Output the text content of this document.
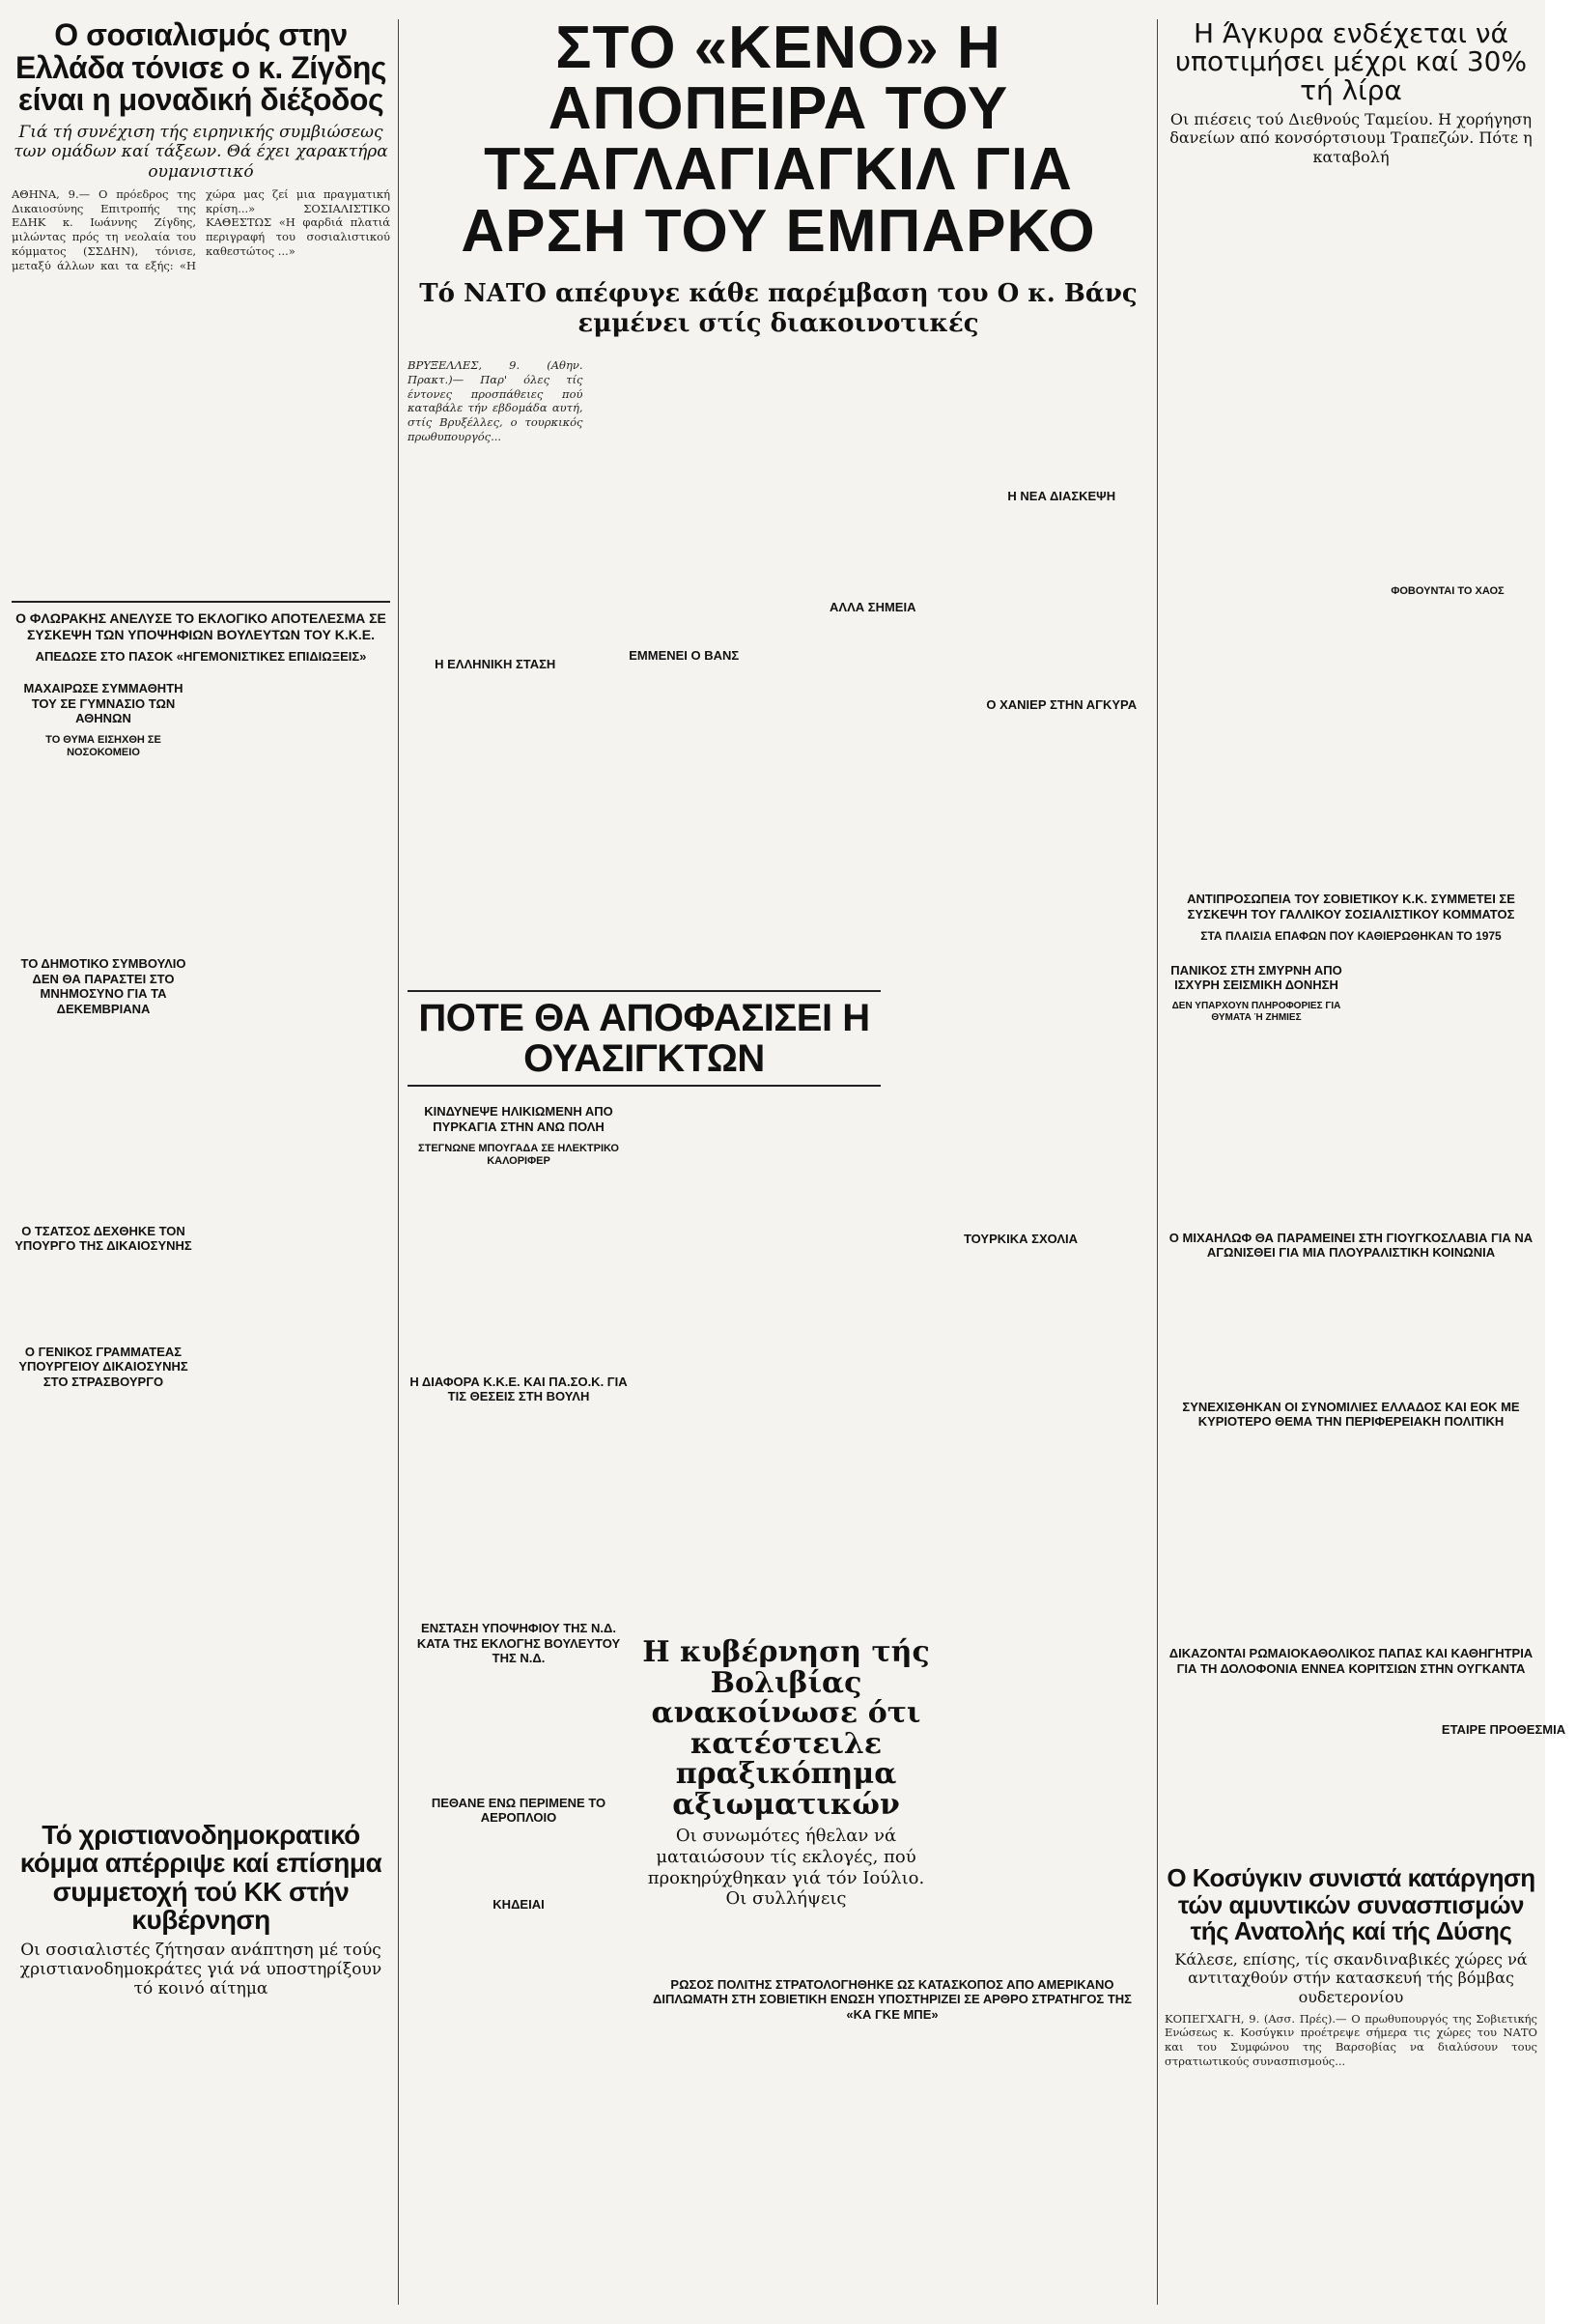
Ο σοσιαλισμός στην Ελλάδα τόνισε ο κ. Ζίγδης είναι η μοναδική διέξοδος

Γιά τή συνέχιση τής ειρηνικής συμβιώσεως των ομάδων καί τάξεων. Θά έχει χαρακτήρα ουμανιστικό

ΑΘΗΝΑ, 9.— Ο πρόεδρος της Δικαιοσύνης Επιτροπής της ΕΔΗΚ κ. Ιωάννης Ζίγδης, μιλώντας πρός τη νεολαία του κόμματος (ΣΣΔΗΝ), τόνισε, μεταξύ άλλων και τα εξής: «Η χώρα μας ζεί μια πραγματική κρίση...» ΣΟΣΙΑΛΙΣΤΙΚΟ ΚΑΘΕΣΤΩΣ «Η φαρδιά πλατιά περιγραφή του σοσιαλιστικού καθεστώτος ...»

Ο ΦΛΩΡΑΚΗΣ ΑΝΕΛΥΣΕ ΤΟ ΕΚΛΟΓΙΚΟ ΑΠΟΤΕΛΕΣΜΑ ΣΕ ΣΥΣΚΕΨΗ ΤΩΝ ΥΠΟΨΗΦΙΩΝ ΒΟΥΛΕΥΤΩΝ ΤΟΥ Κ.Κ.Ε.
ΑΠΕΔΩΣΕ ΣΤΟ ΠΑΣΟΚ «ΗΓΕΜΟΝΙΣΤΙΚΕΣ ΕΠΙΔΙΩΞΕΙΣ»
ΜΑΧΑΙΡΩΣΕ ΣΥΜΜΑΘΗΤΗ ΤΟΥ ΣΕ ΓΥΜΝΑΣΙΟ ΤΩΝ ΑΘΗΝΩΝ
ΤΟ ΘΥΜΑ ΕΙΣΗΧΘΗ ΣΕ ΝΟΣΟΚΟΜΕΙΟ
ΤΟ ΔΗΜΟΤΙΚΟ ΣΥΜΒΟΥΛΙΟ ΔΕΝ ΘΑ ΠΑΡΑΣΤΕΙ ΣΤΟ ΜΝΗΜΟΣΥΝΟ ΓΙΑ ΤΑ ΔΕΚΕΜΒΡΙΑΝΑ
Ο ΤΣΑΤΣΟΣ ΔΕΧΘΗΚΕ ΤΟΝ ΥΠΟΥΡΓΟ ΤΗΣ ΔΙΚΑΙΟΣΥΝΗΣ
Ο ΓΕΝΙΚΟΣ ΓΡΑΜΜΑΤΕΑΣ ΥΠΟΥΡΓΕΙΟΥ ΔΙΚΑΙΟΣΥΝΗΣ ΣΤΟ ΣΤΡΑΣΒΟΥΡΓΟ
Τό χριστιανοδημοκρατικό κόμμα απέρριψε καί επίσημα συμμετοχή τού ΚΚ στήν κυβέρνηση

Οι σοσιαλιστές ζήτησαν ανάπτηση μέ τούς χριστιανοδημοκράτες γιά νά υποστηρίξουν τό κοινό αίτημα

ΣΤΟ «ΚΕΝΟ» Η ΑΠΟΠΕΙΡΑ ΤΟΥ ΤΣΑΓΛΑΓΙΑΓΚΙΛ ΓΙΑ ΑΡΣΗ ΤΟΥ ΕΜΠΑΡΚΟ

Τό ΝΑΤΟ απέφυγε κάθε παρέμβαση του Ο κ. Βάνς εμμένει στίς διακοινοτικές

ΒΡΥΞΕΛΛΕΣ, 9. (Αθην. Πρακτ.)— Παρ' όλες τίς έντονες προσπάθειες πού καταβάλε τήν εβδομάδα αυτή, στίς Βρυξέλλες, ο τουρκικός πρωθυπουργός...

Η ΕΛΛΗΝΙΚΗ ΣΤΑΣΗ
ΕΜΜΕΝΕΙ Ο ΒΑΝΣ
ΑΛΛΑ ΣΗΜΕΙΑ
Η ΝΕΑ ΔΙΑΣΚΕΨΗ
Ο ΧΑΝΙΕΡ ΣΤΗΝ ΑΓΚΥΡΑ
ΠΟΤΕ ΘΑ ΑΠΟΦΑΣΙΣΕΙ Η ΟΥΑΣΙΓΚΤΩΝ
ΚΙΝΔΥΝΕΨΕ ΗΛΙΚΙΩΜΕΝΗ ΑΠΟ ΠΥΡΚΑΓΙΑ ΣΤΗΝ ΑΝΩ ΠΟΛΗ
ΣΤΕΓΝΩΝΕ ΜΠΟΥΓΑΔΑ ΣΕ ΗΛΕΚΤΡΙΚΟ ΚΑΛΟΡΙΦΕΡ
Η ΔΙΑΦΟΡΑ Κ.Κ.Ε. ΚΑΙ ΠΑ.ΣΟ.Κ. ΓΙΑ ΤΙΣ ΘΕΣΕΙΣ ΣΤΗ ΒΟΥΛΗ
ΕΝΣΤΑΣΗ ΥΠΟΨΗΦΙΟΥ ΤΗΣ Ν.Δ. ΚΑΤΑ ΤΗΣ ΕΚΛΟΓΗΣ ΒΟΥΛΕΥΤΟΥ ΤΗΣ Ν.Δ.
ΠΕΘΑΝΕ ΕΝΩ ΠΕΡΙΜΕΝΕ ΤΟ ΑΕΡΟΠΛΟΙΟ
ΚΗΔΕΙΑΙ
ΤΟΥΡΚΙΚΑ ΣΧΟΛΙΑ
Η κυβέρνηση τής Βολιβίας ανακοίνωσε ότι κατέστειλε πραξικόπημα αξιωματικών

Οι συνωμότες ήθελαν νά ματαιώσουν τίς εκλογές, πού προκηρύχθηκαν γιά τόν Ιούλιο. Οι συλλήψεις

ΕΤΑΙΡΕ ΠΡΟΘΕΣΜΙΑ
ΡΩΣΟΣ ΠΟΛΙΤΗΣ ΣΤΡΑΤΟΛΟΓΗΘΗΚΕ ΩΣ ΚΑΤΑΣΚΟΠΟΣ ΑΠΟ ΑΜΕΡΙΚΑΝΟ ΔΙΠΛΩΜΑΤΗ ΣΤΗ ΣΟΒΙΕΤΙΚΗ ΕΝΩΣΗ ΥΠΟΣΤΗΡΙΖΕΙ ΣΕ ΑΡΘΡΟ ΣΤΡΑΤΗΓΟΣ ΤΗΣ «ΚΑ ΓΚΕ ΜΠΕ»
Η Άγκυρα ενδέχεται νά υποτιμήσει μέχρι καί 30% τή λίρα

Οι πιέσεις τού Διεθνούς Ταμείου. Η χορήγηση δανείων από κονσόρτσιουμ Τραπεζών. Πότε η καταβολή

ΦΟΒΟΥΝΤΑΙ ΤΟ ΧΑΟΣ
ΑΝΤΙΠΡΟΣΩΠΕΙΑ ΤΟΥ ΣΟΒΙΕΤΙΚΟΥ Κ.Κ. ΣΥΜΜΕΤΕΙ ΣΕ ΣΥΣΚΕΨΗ ΤΟΥ ΓΑΛΛΙΚΟΥ ΣΟΣΙΑΛΙΣΤΙΚΟΥ ΚΟΜΜΑΤΟΣ
ΣΤΑ ΠΛΑΙΣΙΑ ΕΠΑΦΩΝ ΠΟΥ ΚΑΘΙΕΡΩΘΗΚΑΝ ΤΟ 1975
ΠΑΝΙΚΟΣ ΣΤΗ ΣΜΥΡΝΗ ΑΠΟ ΙΣΧΥΡΗ ΣΕΙΣΜΙΚΗ ΔΟΝΗΣΗ
ΔΕΝ ΥΠΑΡΧΟΥΝ ΠΛΗΡΟΦΟΡΙΕΣ ΓΙΑ ΘΥΜΑΤΑ Ή ΖΗΜΙΕΣ
Ο ΜΙΧΑΗΛΩΦ ΘΑ ΠΑΡΑΜΕΙΝΕΙ ΣΤΗ ΓΙΟΥΓΚΟΣΛΑΒΙΑ ΓΙΑ ΝΑ ΑΓΩΝΙΣΘΕΙ ΓΙΑ ΜΙΑ ΠΛΟΥΡΑΛΙΣΤΙΚΗ ΚΟΙΝΩΝΙΑ
ΣΥΝΕΧΙΣΘΗΚΑΝ ΟΙ ΣΥΝΟΜΙΛΙΕΣ ΕΛΛΑΔΟΣ ΚΑΙ ΕΟΚ ΜΕ ΚΥΡΙΟΤΕΡΟ ΘΕΜΑ ΤΗΝ ΠΕΡΙΦΕΡΕΙΑΚΗ ΠΟΛΙΤΙΚΗ
ΔΙΚΑΖΟΝΤΑΙ ΡΩΜΑΙΟΚΑΘΟΛΙΚΟΣ ΠΑΠΑΣ ΚΑΙ ΚΑΘΗΓΗΤΡΙΑ ΓΙΑ ΤΗ ΔΟΛΟΦΟΝΙΑ ΕΝΝΕΑ ΚΟΡΙΤΣΙΩΝ ΣΤΗΝ ΟΥΓΚΑΝΤΑ
Ο Κοσύγκιν συνιστά κατάργηση τών αμυντικών συνασπισμών τής Ανατολής καί τής Δύσης

Κάλεσε, επίσης, τίς σκανδιναβικές χώρες νά αντιταχθούν στήν κατασκευή τής βόμβας ουδετερονίου

ΚΟΠΕΓΧΑΓΗ, 9. (Ασσ. Πρές).— Ο πρωθυπουργός της Σοβιετικής Ενώσεως κ. Κοσύγκιν προέτρεψε σήμερα τις χώρες του ΝΑΤΟ και του Συμφώνου της Βαρσοβίας να διαλύσουν τους στρατιωτικούς συνασπισμούς...
